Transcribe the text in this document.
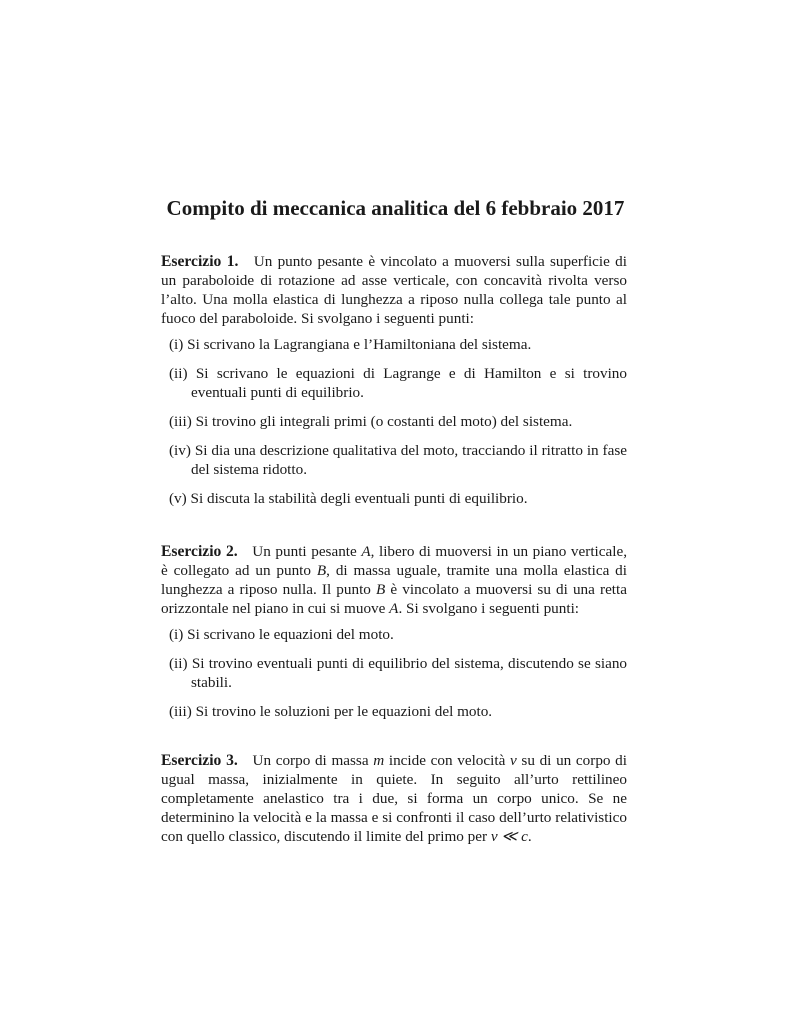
Compito di meccanica analitica del 6 febbraio 2017

Esercizio 1. Un punto pesante è vincolato a muoversi sulla superficie di un paraboloide di rotazione ad asse verticale, con concavità rivolta verso l’alto. Una molla elastica di lunghezza a riposo nulla collega tale punto al fuoco del paraboloide. Si svolgano i seguenti punti:

(i) Si scrivano la Lagrangiana e l’Hamiltoniana del sistema.
(ii) Si scrivano le equazioni di Lagrange e di Hamilton e si trovino eventuali punti di equilibrio.
(iii) Si trovino gli integrali primi (o costanti del moto) del sistema.
(iv) Si dia una descrizione qualitativa del moto, tracciando il ritratto in fase del sistema ridotto.
(v) Si discuta la stabilità degli eventuali punti di equilibrio.

Esercizio 2. Un punti pesante A, libero di muoversi in un piano verticale, è collegato ad un punto B, di massa uguale, tramite una molla elastica di lunghezza a riposo nulla. Il punto B è vincolato a muoversi su di una retta orizzontale nel piano in cui si muove A. Si svolgano i seguenti punti:

(i) Si scrivano le equazioni del moto.
(ii) Si trovino eventuali punti di equilibrio del sistema, discutendo se siano stabili.
(iii) Si trovino le soluzioni per le equazioni del moto.

Esercizio 3. Un corpo di massa m incide con velocità v su di un corpo di ugual massa, inizialmente in quiete. In seguito all’urto rettilineo completamente anelastico tra i due, si forma un corpo unico. Se ne determinino la velocità e la massa e si confronti il caso dell’urto relativistico con quello classico, discutendo il limite del primo per v ≪ c.
